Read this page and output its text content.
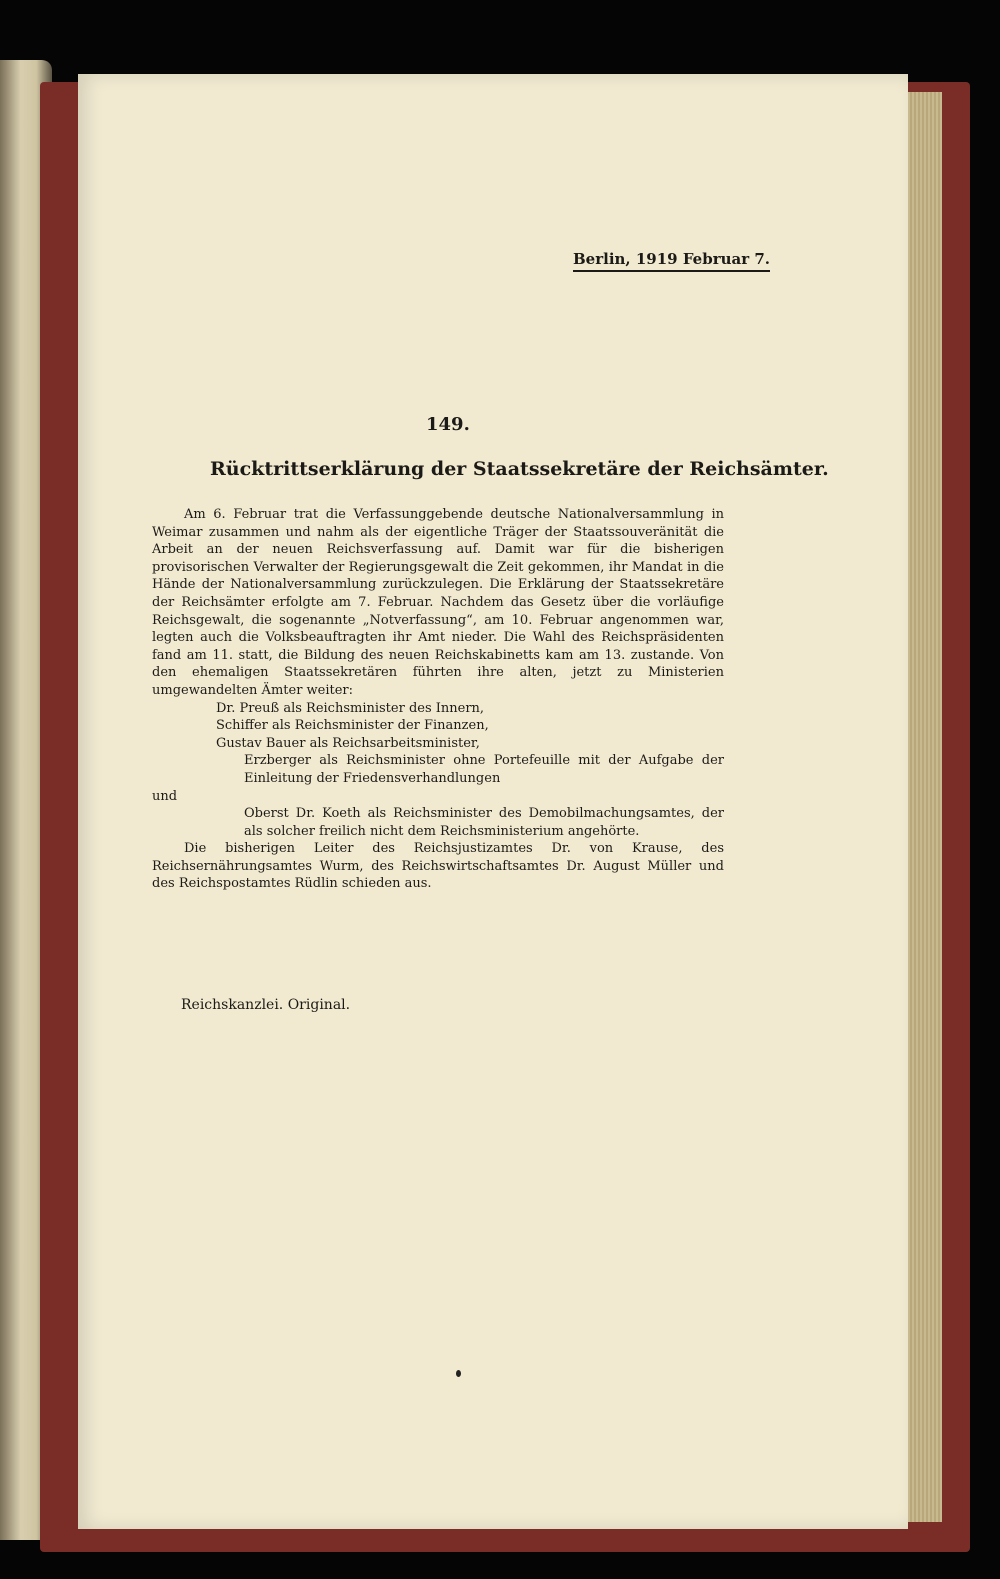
Berlin, 1919 Februar 7.
149.
Rücktrittserklärung der Staatssekretäre der Reichsämter.

Am 6. Februar trat die Verfassunggebende deutsche Nationalversammlung in Weimar zusammen und nahm als der eigentliche Träger der Staatssouveränität die Arbeit an der neuen Reichsverfassung auf. Damit war für die bisherigen provisorischen Verwalter der Regierungsgewalt die Zeit gekommen, ihr Mandat in die Hände der Nationalversammlung zurückzulegen. Die Erklärung der Staatssekretäre der Reichsämter erfolgte am 7. Februar. Nachdem das Gesetz über die vorläufige Reichsgewalt, die sogenannte „Notverfassung“, am 10. Februar angenommen war, legten auch die Volksbeauftragten ihr Amt nieder. Die Wahl des Reichspräsidenten fand am 11. statt, die Bildung des neuen Reichskabinetts kam am 13. zustande. Von den ehemaligen Staatssekretären führten ihre alten, jetzt zu Ministerien umgewandelten Ämter weiter:

Dr. Preuß als Reichsminister des Innern,
Schiffer als Reichsminister der Finanzen,
Gustav Bauer als Reichsarbeitsminister,
Erzberger als Reichsminister ohne Portefeuille mit der Aufgabe der Einleitung der Friedensverhandlungen

und

Oberst Dr. Koeth als Reichsminister des Demobilmachungsamtes, der als solcher freilich nicht dem Reichsministerium angehörte.

Die bisherigen Leiter des Reichsjustizamtes Dr. von Krause, des Reichsernährungsamtes Wurm, des Reichswirtschaftsamtes Dr. August Müller und des Reichspostamtes Rüdlin schieden aus.

Reichskanzlei. Original.
